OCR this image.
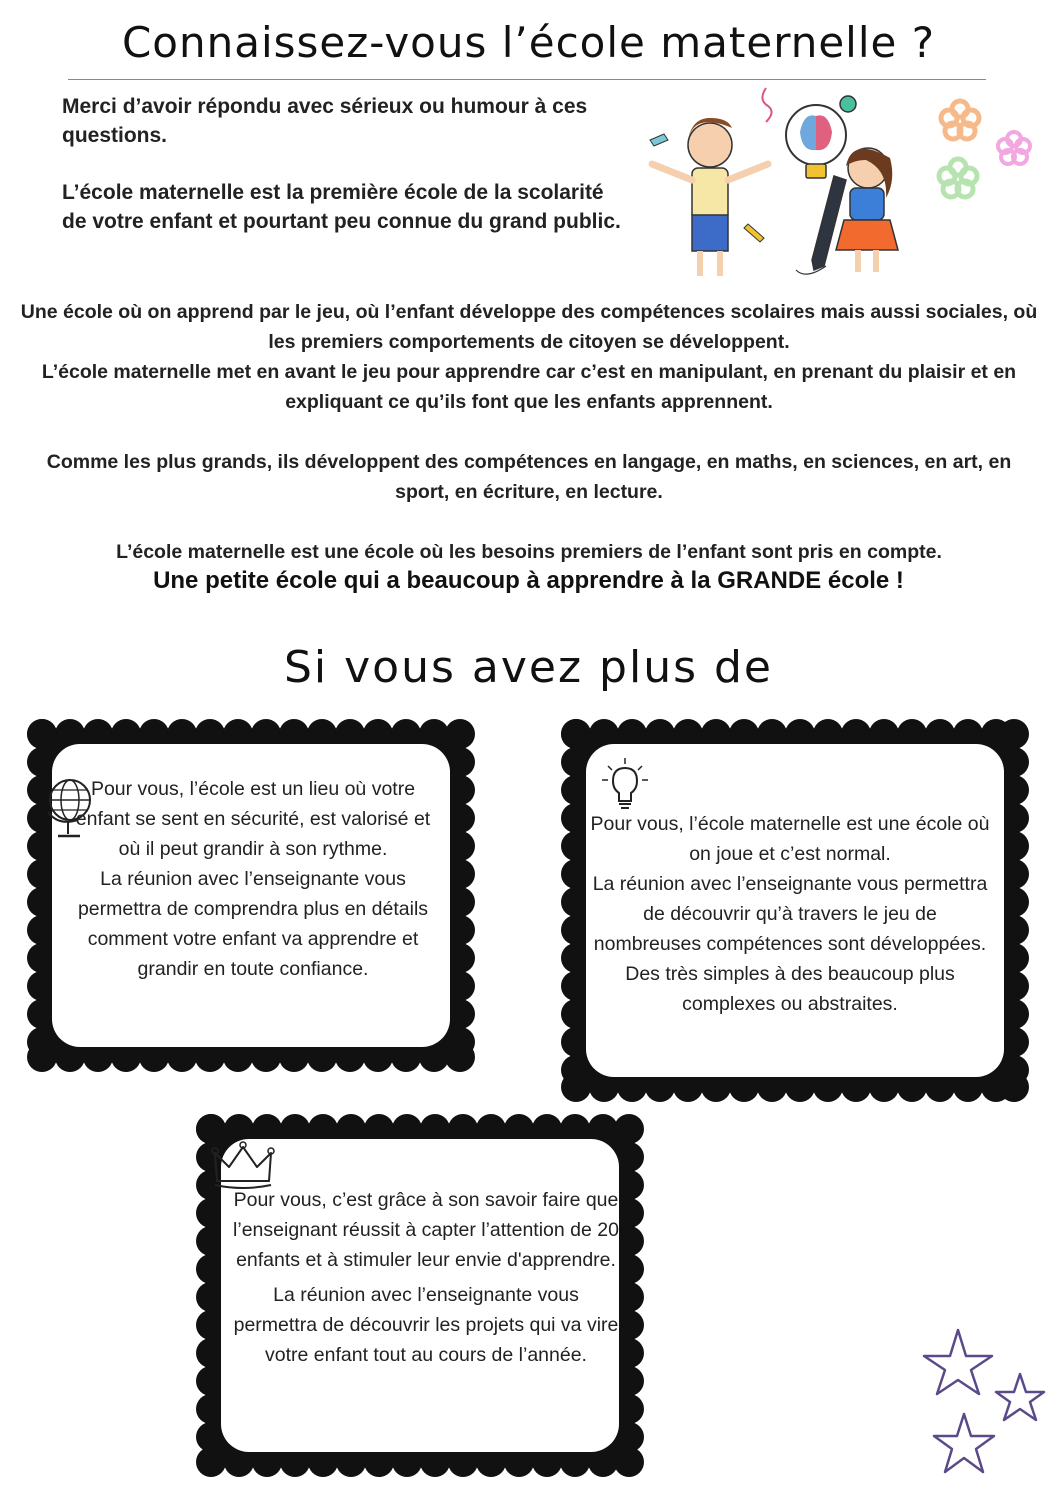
Connaissez-vous l’école maternelle ?

Merci d’avoir répondu avec sérieux ou humour à ces questions.

L’école maternelle est la première école de la scolarité de votre enfant et pourtant peu connue du grand public.

Une école où on apprend par le jeu, où l’enfant développe des compétences scolaires mais aussi sociales, où les premiers comportements de citoyen se développent.

L’école maternelle met en avant le jeu pour apprendre car c’est en manipulant, en prenant du plaisir et en expliquant ce qu’ils font que les enfants apprennent.

Comme les plus grands, ils développent des compétences en langage, en maths, en sciences, en art, en sport, en écriture, en lecture.

L’école maternelle est une école où les besoins premiers de l’enfant sont pris en compte.

Une petite école qui a beaucoup à apprendre à la GRANDE école !
Si vous avez plus de

Pour vous, l’école est un lieu où votre enfant se sent en sécurité, est valorisé et où il peut grandir à son rythme.

La réunion avec l’enseignante vous permettra de comprendra plus en détails comment votre enfant va apprendre et grandir en toute confiance.

Pour vous, l’école maternelle est une école où on joue et c’est normal.

La réunion avec l’enseignante vous permettra de découvrir qu’à travers le jeu de nombreuses compétences sont développées. Des très simples à des beaucoup plus complexes ou abstraites.

Pour vous, c’est grâce à son savoir faire que l’enseignant réussit à capter l’attention de 20 enfants et à stimuler leur envie d'apprendre.

La réunion avec l’enseignante vous permettra de découvrir les projets qui va vire votre enfant tout au cours de l’année.
